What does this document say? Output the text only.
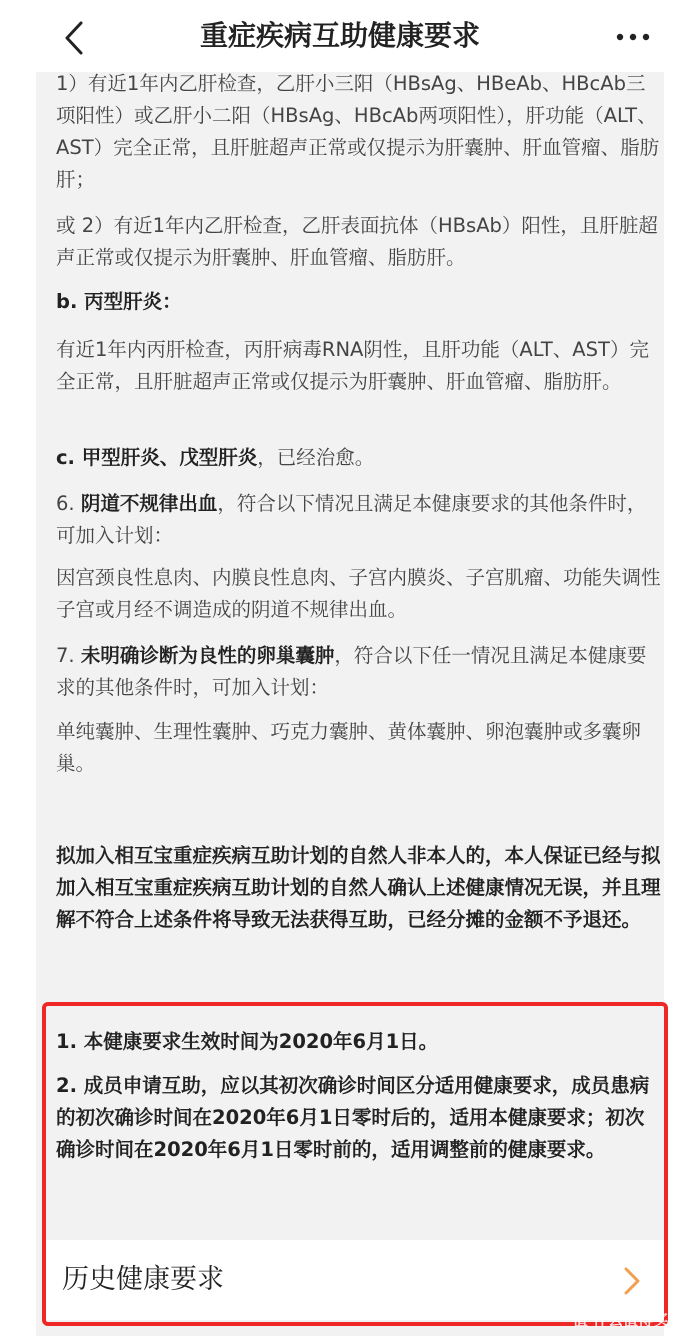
重症疾病互助健康要求

1）有近1年内乙肝检查，乙肝小三阳（HBsAg、HBeAb、HBcAb三项阳性）或乙肝小二阳（HBsAg、HBcAb两项阳性），肝功能（ALT、AST）完全正常，且肝脏超声正常或仅提示为肝囊肿、肝血管瘤、脂肪肝；

或 2）有近1年内乙肝检查，乙肝表面抗体（HBsAb）阳性，且肝脏超声正常或仅提示为肝囊肿、肝血管瘤、脂肪肝。

b. 丙型肝炎：

有近1年内丙肝检查，丙肝病毒RNA阴性，且肝功能（ALT、AST）完全正常，且肝脏超声正常或仅提示为肝囊肿、肝血管瘤、脂肪肝。

c. 甲型肝炎、戊型肝炎，已经治愈。

6. 阴道不规律出血，符合以下情况且满足本健康要求的其他条件时，可加入计划：

因宫颈良性息肉、内膜良性息肉、子宫内膜炎、子宫肌瘤、功能失调性子宫或月经不调造成的阴道不规律出血。

7. 未明确诊断为良性的卵巢囊肿，符合以下任一情况且满足本健康要求的其他条件时，可加入计划：

单纯囊肿、生理性囊肿、巧克力囊肿、黄体囊肿、卵泡囊肿或多囊卵巢。

拟加入相互宝重症疾病互助计划的自然人非本人的，本人保证已经与拟加入相互宝重症疾病互助计划的自然人确认上述健康情况无误，并且理解不符合上述条件将导致无法获得互助，已经分摊的金额不予退还。

1. 本健康要求生效时间为2020年6月1日。

2. 成员申请互助，应以其初次确诊时间区分适用健康要求，成员患病的初次确诊时间在2020年6月1日零时后的，适用本健康要求；初次确诊时间在2020年6月1日零时前的，适用调整前的健康要求。

历史健康要求
值 什么值得买
